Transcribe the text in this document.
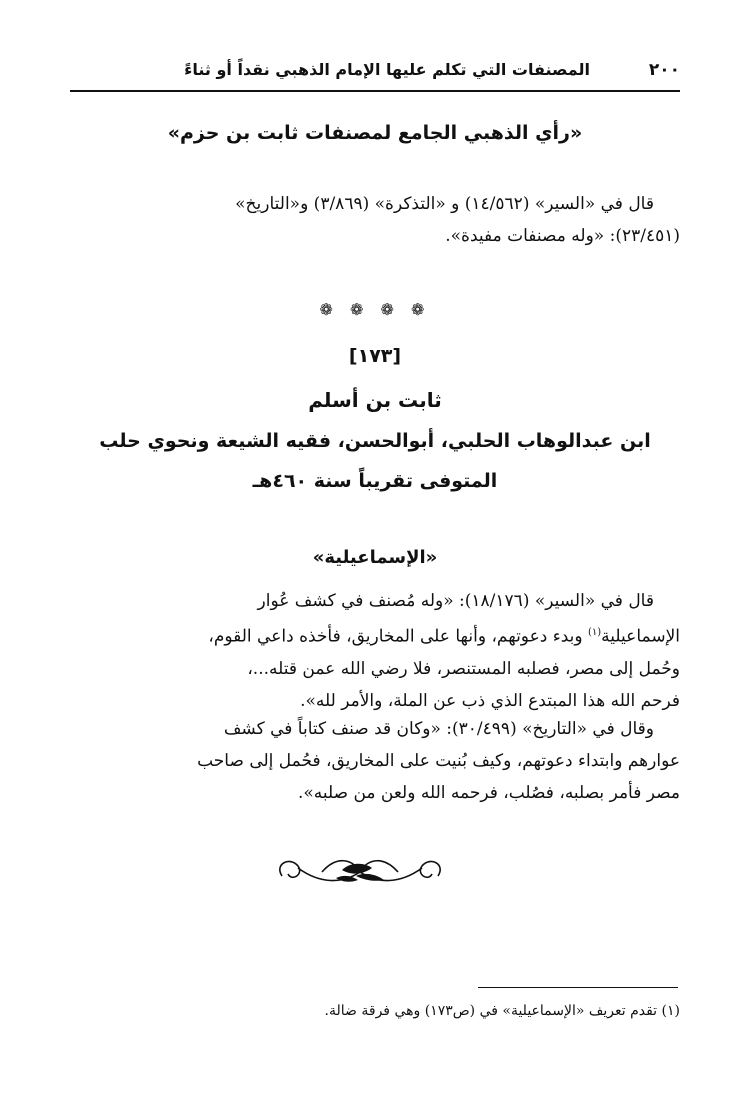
٢٠٠
المصنفات التي تكلم عليها الإمام الذهبي نقداً أو ثناءً
«رأي الذهبي الجامع لمصنفات ثابت بن حزم»
قال في «السير» (١٤/٥٦٢) و «التذكرة» (٣/٨٦٩) و«التاريخ»
(٢٣/٤٥١): «وله مصنفات مفيدة».
❁ ❁ ❁ ❁
[١٧٣]
ثابت بن أسلم
ابن عبدالوهاب الحلبي، أبوالحسن، فقيه الشيعة ونحوي حلب
المتوفى تقريباً سنة ٤٦٠هـ
«الإسماعيلية»
قال في «السير» (١٨/١٧٦): «وله مُصنف في كشف عُوار
الإسماعيلية$^{(١)}$ وبدء دعوتهم، وأنها على المخاريق، فأخذه داعي القوم،
وحُمل إلى مصر، فصلبه المستنصر، فلا رضي الله عمن قتله...،
فرحم الله هذا المبتدع الذي ذب عن الملة، والأمر لله».
وقال في «التاريخ» (٣٠/٤٩٩): «وكان قد صنف كتاباً في كشف
عوارهم وابتداء دعوتهم، وكيف بُنيت على المخاريق، فحُمل إلى صاحب
مصر فأمر بصلبه، فصُلب، فرحمه الله ولعن من صلبه».
(١) تقدم تعريف «الإسماعيلية» في (ص١٧٣) وهي فرقة ضالة.
